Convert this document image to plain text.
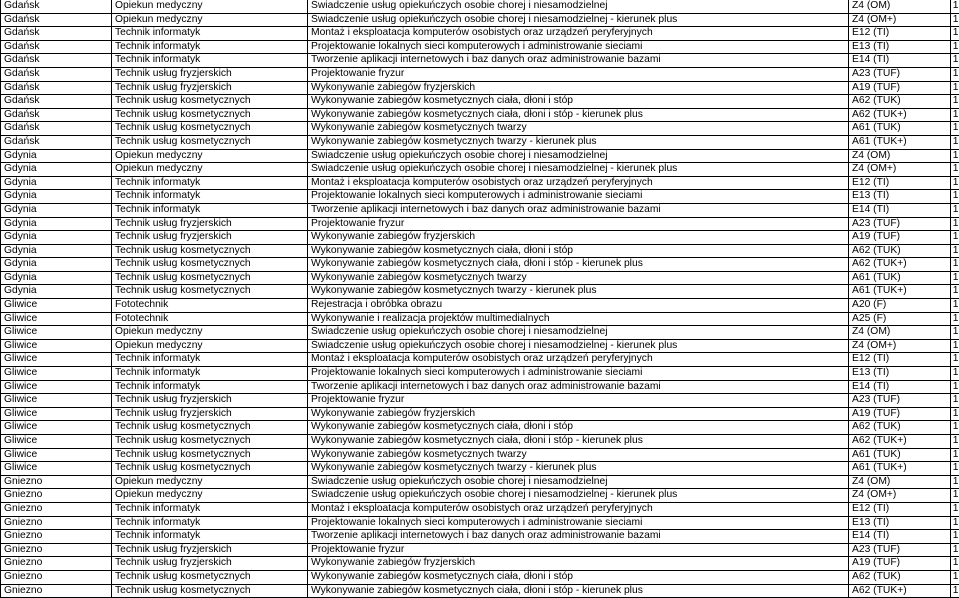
Gdańsk	Opiekun medyczny	Świadczenie usług opiekuńczych osobie chorej i niesamodzielnej	Z4 (OM)	1
Gdańsk	Opiekun medyczny	Świadczenie usług opiekuńczych osobie chorej i niesamodzielnej - kierunek plus	Z4 (OM+)	1
Gdańsk	Technik informatyk	Montaż i eksploatacja komputerów osobistych oraz urządzeń peryferyjnych	E12 (TI)	1
Gdańsk	Technik informatyk	Projektowanie lokalnych sieci komputerowych i administrowanie sieciami	E13 (TI)	1
Gdańsk	Technik informatyk	Tworzenie aplikacji internetowych i baz danych oraz administrowanie bazami	E14 (TI)	1
Gdańsk	Technik usług fryzjerskich	Projektowanie fryzur	A23 (TUF)	1
Gdańsk	Technik usług fryzjerskich	Wykonywanie zabiegów fryzjerskich	A19 (TUF)	1
Gdańsk	Technik usług kosmetycznych	Wykonywanie zabiegów kosmetycznych ciała, dłoni i stóp	A62 (TUK)	1
Gdańsk	Technik usług kosmetycznych	Wykonywanie zabiegów kosmetycznych ciała, dłoni i stóp - kierunek plus	A62 (TUK+)	1
Gdańsk	Technik usług kosmetycznych	Wykonywanie zabiegów kosmetycznych twarzy	A61 (TUK)	1
Gdańsk	Technik usług kosmetycznych	Wykonywanie zabiegów kosmetycznych twarzy - kierunek plus	A61 (TUK+)	1
Gdynia	Opiekun medyczny	Świadczenie usług opiekuńczych osobie chorej i niesamodzielnej	Z4 (OM)	1
Gdynia	Opiekun medyczny	Świadczenie usług opiekuńczych osobie chorej i niesamodzielnej - kierunek plus	Z4 (OM+)	1
Gdynia	Technik informatyk	Montaż i eksploatacja komputerów osobistych oraz urządzeń peryferyjnych	E12 (TI)	1
Gdynia	Technik informatyk	Projektowanie lokalnych sieci komputerowych i administrowanie sieciami	E13 (TI)	1
Gdynia	Technik informatyk	Tworzenie aplikacji internetowych i baz danych oraz administrowanie bazami	E14 (TI)	1
Gdynia	Technik usług fryzjerskich	Projektowanie fryzur	A23 (TUF)	1
Gdynia	Technik usług fryzjerskich	Wykonywanie zabiegów fryzjerskich	A19 (TUF)	1
Gdynia	Technik usług kosmetycznych	Wykonywanie zabiegów kosmetycznych ciała, dłoni i stóp	A62 (TUK)	1
Gdynia	Technik usług kosmetycznych	Wykonywanie zabiegów kosmetycznych ciała, dłoni i stóp - kierunek plus	A62 (TUK+)	1
Gdynia	Technik usług kosmetycznych	Wykonywanie zabiegów kosmetycznych twarzy	A61 (TUK)	1
Gdynia	Technik usług kosmetycznych	Wykonywanie zabiegów kosmetycznych twarzy - kierunek plus	A61 (TUK+)	1
Gliwice	Fototechnik	Rejestracja i obróbka obrazu	A20 (F)	1
Gliwice	Fototechnik	Wykonywanie i realizacja projektów multimedialnych	A25 (F)	1
Gliwice	Opiekun medyczny	Świadczenie usług opiekuńczych osobie chorej i niesamodzielnej	Z4 (OM)	1
Gliwice	Opiekun medyczny	Świadczenie usług opiekuńczych osobie chorej i niesamodzielnej - kierunek plus	Z4 (OM+)	1
Gliwice	Technik informatyk	Montaż i eksploatacja komputerów osobistych oraz urządzeń peryferyjnych	E12 (TI)	1
Gliwice	Technik informatyk	Projektowanie lokalnych sieci komputerowych i administrowanie sieciami	E13 (TI)	1
Gliwice	Technik informatyk	Tworzenie aplikacji internetowych i baz danych oraz administrowanie bazami	E14 (TI)	1
Gliwice	Technik usług fryzjerskich	Projektowanie fryzur	A23 (TUF)	1
Gliwice	Technik usług fryzjerskich	Wykonywanie zabiegów fryzjerskich	A19 (TUF)	1
Gliwice	Technik usług kosmetycznych	Wykonywanie zabiegów kosmetycznych ciała, dłoni i stóp	A62 (TUK)	1
Gliwice	Technik usług kosmetycznych	Wykonywanie zabiegów kosmetycznych ciała, dłoni i stóp - kierunek plus	A62 (TUK+)	1
Gliwice	Technik usług kosmetycznych	Wykonywanie zabiegów kosmetycznych twarzy	A61 (TUK)	1
Gliwice	Technik usług kosmetycznych	Wykonywanie zabiegów kosmetycznych twarzy - kierunek plus	A61 (TUK+)	1
Gniezno	Opiekun medyczny	Świadczenie usług opiekuńczych osobie chorej i niesamodzielnej	Z4 (OM)	1
Gniezno	Opiekun medyczny	Świadczenie usług opiekuńczych osobie chorej i niesamodzielnej - kierunek plus	Z4 (OM+)	1
Gniezno	Technik informatyk	Montaż i eksploatacja komputerów osobistych oraz urządzeń peryferyjnych	E12 (TI)	1
Gniezno	Technik informatyk	Projektowanie lokalnych sieci komputerowych i administrowanie sieciami	E13 (TI)	1
Gniezno	Technik informatyk	Tworzenie aplikacji internetowych i baz danych oraz administrowanie bazami	E14 (TI)	1
Gniezno	Technik usług fryzjerskich	Projektowanie fryzur	A23 (TUF)	1
Gniezno	Technik usług fryzjerskich	Wykonywanie zabiegów fryzjerskich	A19 (TUF)	1
Gniezno	Technik usług kosmetycznych	Wykonywanie zabiegów kosmetycznych ciała, dłoni i stóp	A62 (TUK)	1
Gniezno	Technik usług kosmetycznych	Wykonywanie zabiegów kosmetycznych ciała, dłoni i stóp - kierunek plus	A62 (TUK+)	1
